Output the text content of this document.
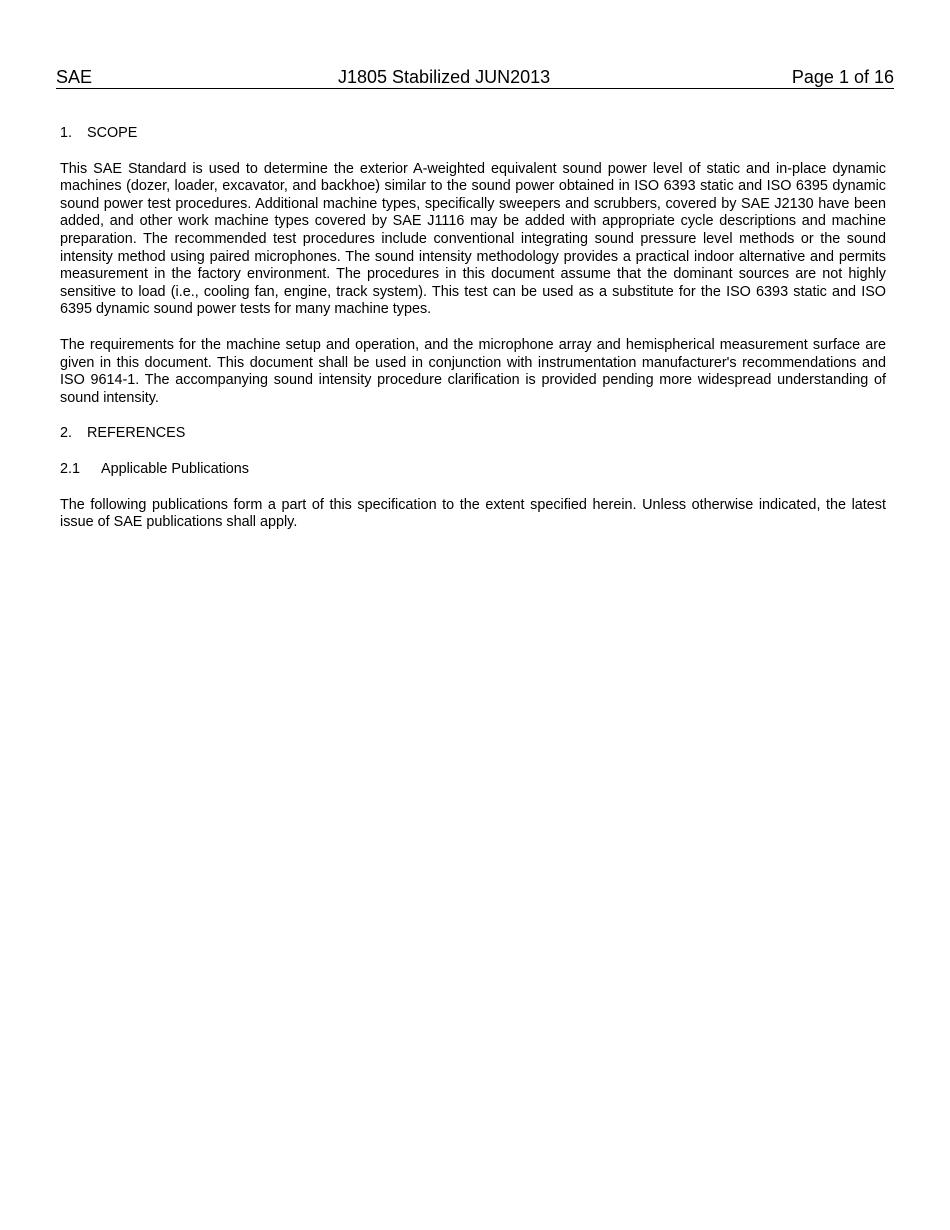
SAE	J1805 Stabilized JUN2013	Page 1 of 16
1. SCOPE

This SAE Standard is used to determine the exterior A-weighted equivalent sound power level of static and in-place dynamic machines (dozer, loader, excavator, and backhoe) similar to the sound power obtained in ISO 6393 static and ISO 6395 dynamic sound power test procedures. Additional machine types, specifically sweepers and scrubbers, covered by SAE J2130 have been added, and other work machine types covered by SAE J1116 may be added with appropriate cycle descriptions and machine preparation. The recommended test procedures include conventional integrating sound pressure level methods or the sound intensity method using paired microphones. The sound intensity methodology provides a practical indoor alternative and permits measurement in the factory environment. The procedures in this document assume that the dominant sources are not highly sensitive to load (i.e., cooling fan, engine, track system). This test can be used as a substitute for the ISO 6393 static and ISO 6395 dynamic sound power tests for many machine types.

The requirements for the machine setup and operation, and the microphone array and hemispherical measurement surface are given in this document. This document shall be used in conjunction with instrumentation manufacturer's recommendations and ISO 9614-1. The accompanying sound intensity procedure clarification is provided pending more widespread understanding of sound intensity.

2. REFERENCES
2.1 Applicable Publications

The following publications form a part of this specification to the extent specified herein. Unless otherwise indicated, the latest issue of SAE publications shall apply.
